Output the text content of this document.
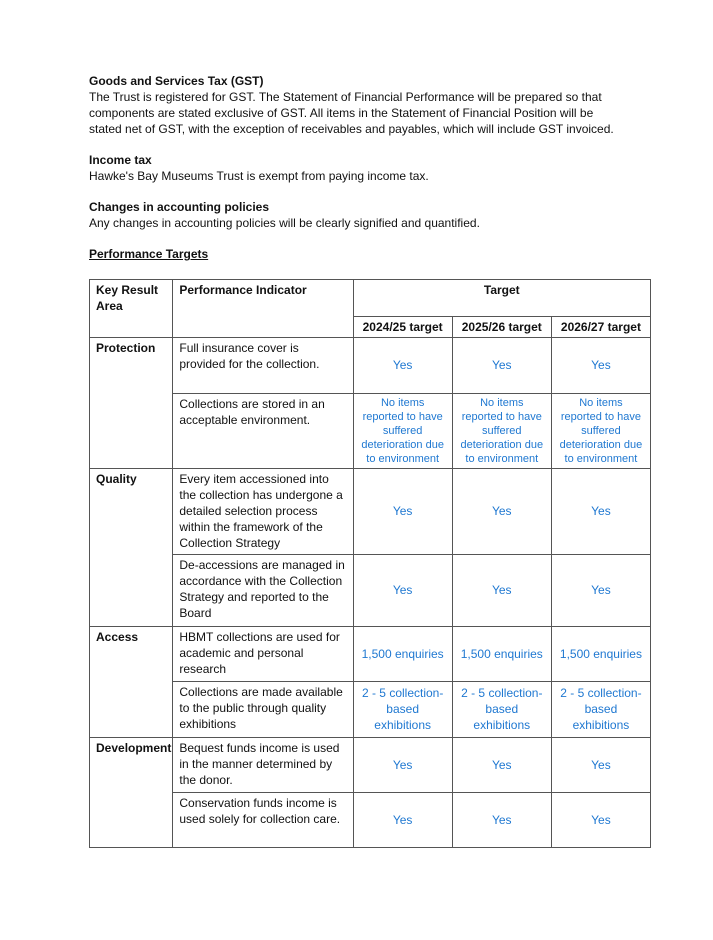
Goods and Services Tax (GST)
The Trust is registered for GST. The Statement of Financial Performance will be prepared so that components are stated exclusive of GST. All items in the Statement of Financial Position will be stated net of GST, with the exception of receivables and payables, which will include GST invoiced.
Income tax
Hawke's Bay Museums Trust is exempt from paying income tax.
Changes in accounting policies
Any changes in accounting policies will be clearly signified and quantified.
Performance Targets
Key Result Area	Performance Indicator	Target		
		2024/25 target	2025/26 target	2026/27 target
Protection	Full insurance cover is provided for the collection.	Yes	Yes	Yes
	Collections are stored in an acceptable environment.	No items reported to have suffered deterioration due to environment	No items reported to have suffered deterioration due to environment	No items reported to have suffered deterioration due to environment
Quality	Every item accessioned into the collection has undergone a detailed selection process within the framework of the Collection Strategy	Yes	Yes	Yes
	De-accessions are managed in accordance with the Collection Strategy and reported to the Board	Yes	Yes	Yes
Access	HBMT collections are used for academic and personal research	1,500 enquiries	1,500 enquiries	1,500 enquiries
	Collections are made available to the public through quality exhibitions	2 - 5 collection-based exhibitions	2 - 5 collection-based exhibitions	2 - 5 collection-based exhibitions
Development	Bequest funds income is used in the manner determined by the donor.	Yes	Yes	Yes
	Conservation funds income is used solely for collection care.	Yes	Yes	Yes
